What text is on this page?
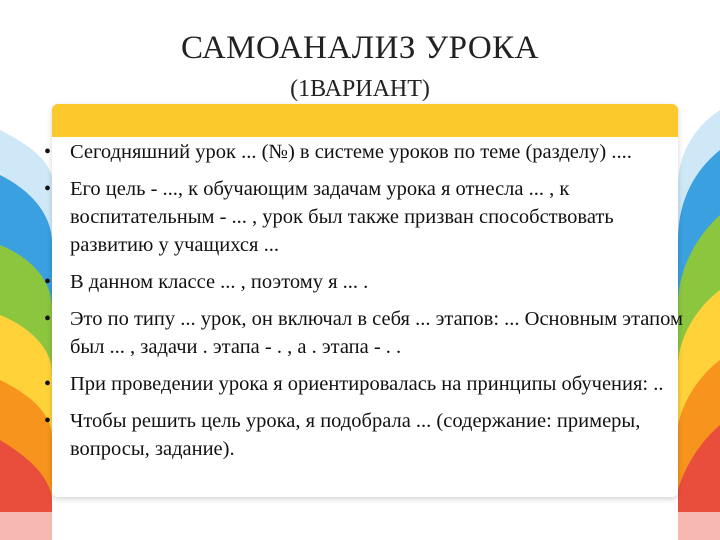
САМОАНАЛИЗ УРОКА
(1ВАРИАНТ)
• Сегодняшний урок ... (№) в системе уроков по теме (разделу) ....
• Его цель - ..., к обучающим задачам урока я отнесла ... , к воспитательным - ... , урок был также призван способствовать развитию у учащихся ...
• В данном классе ... , поэтому я ... .
• Это по типу ... урок, он включал в себя ... этапов: ... Основным этапом был ... , задачи . этапа - . , а . этапа - . .
• При проведении урока я ориентировалась на принципы обучения: ..
• Чтобы решить цель урока, я подобрала ... (содержание: примеры, вопросы, задание).
